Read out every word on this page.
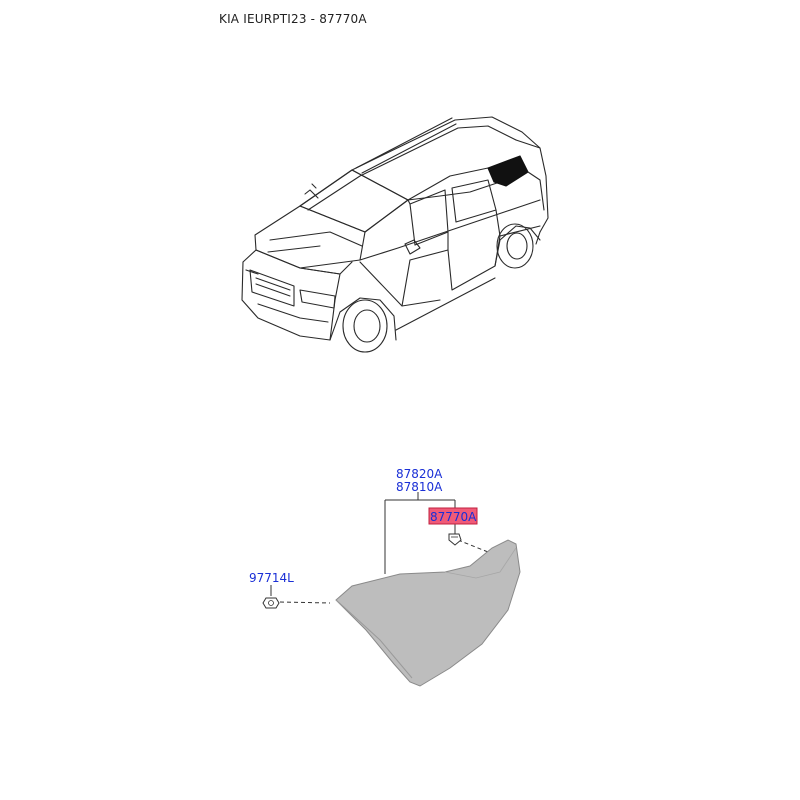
KIA IEURPTI23 - 87770A
87820A
87810A
87770A
97714L
